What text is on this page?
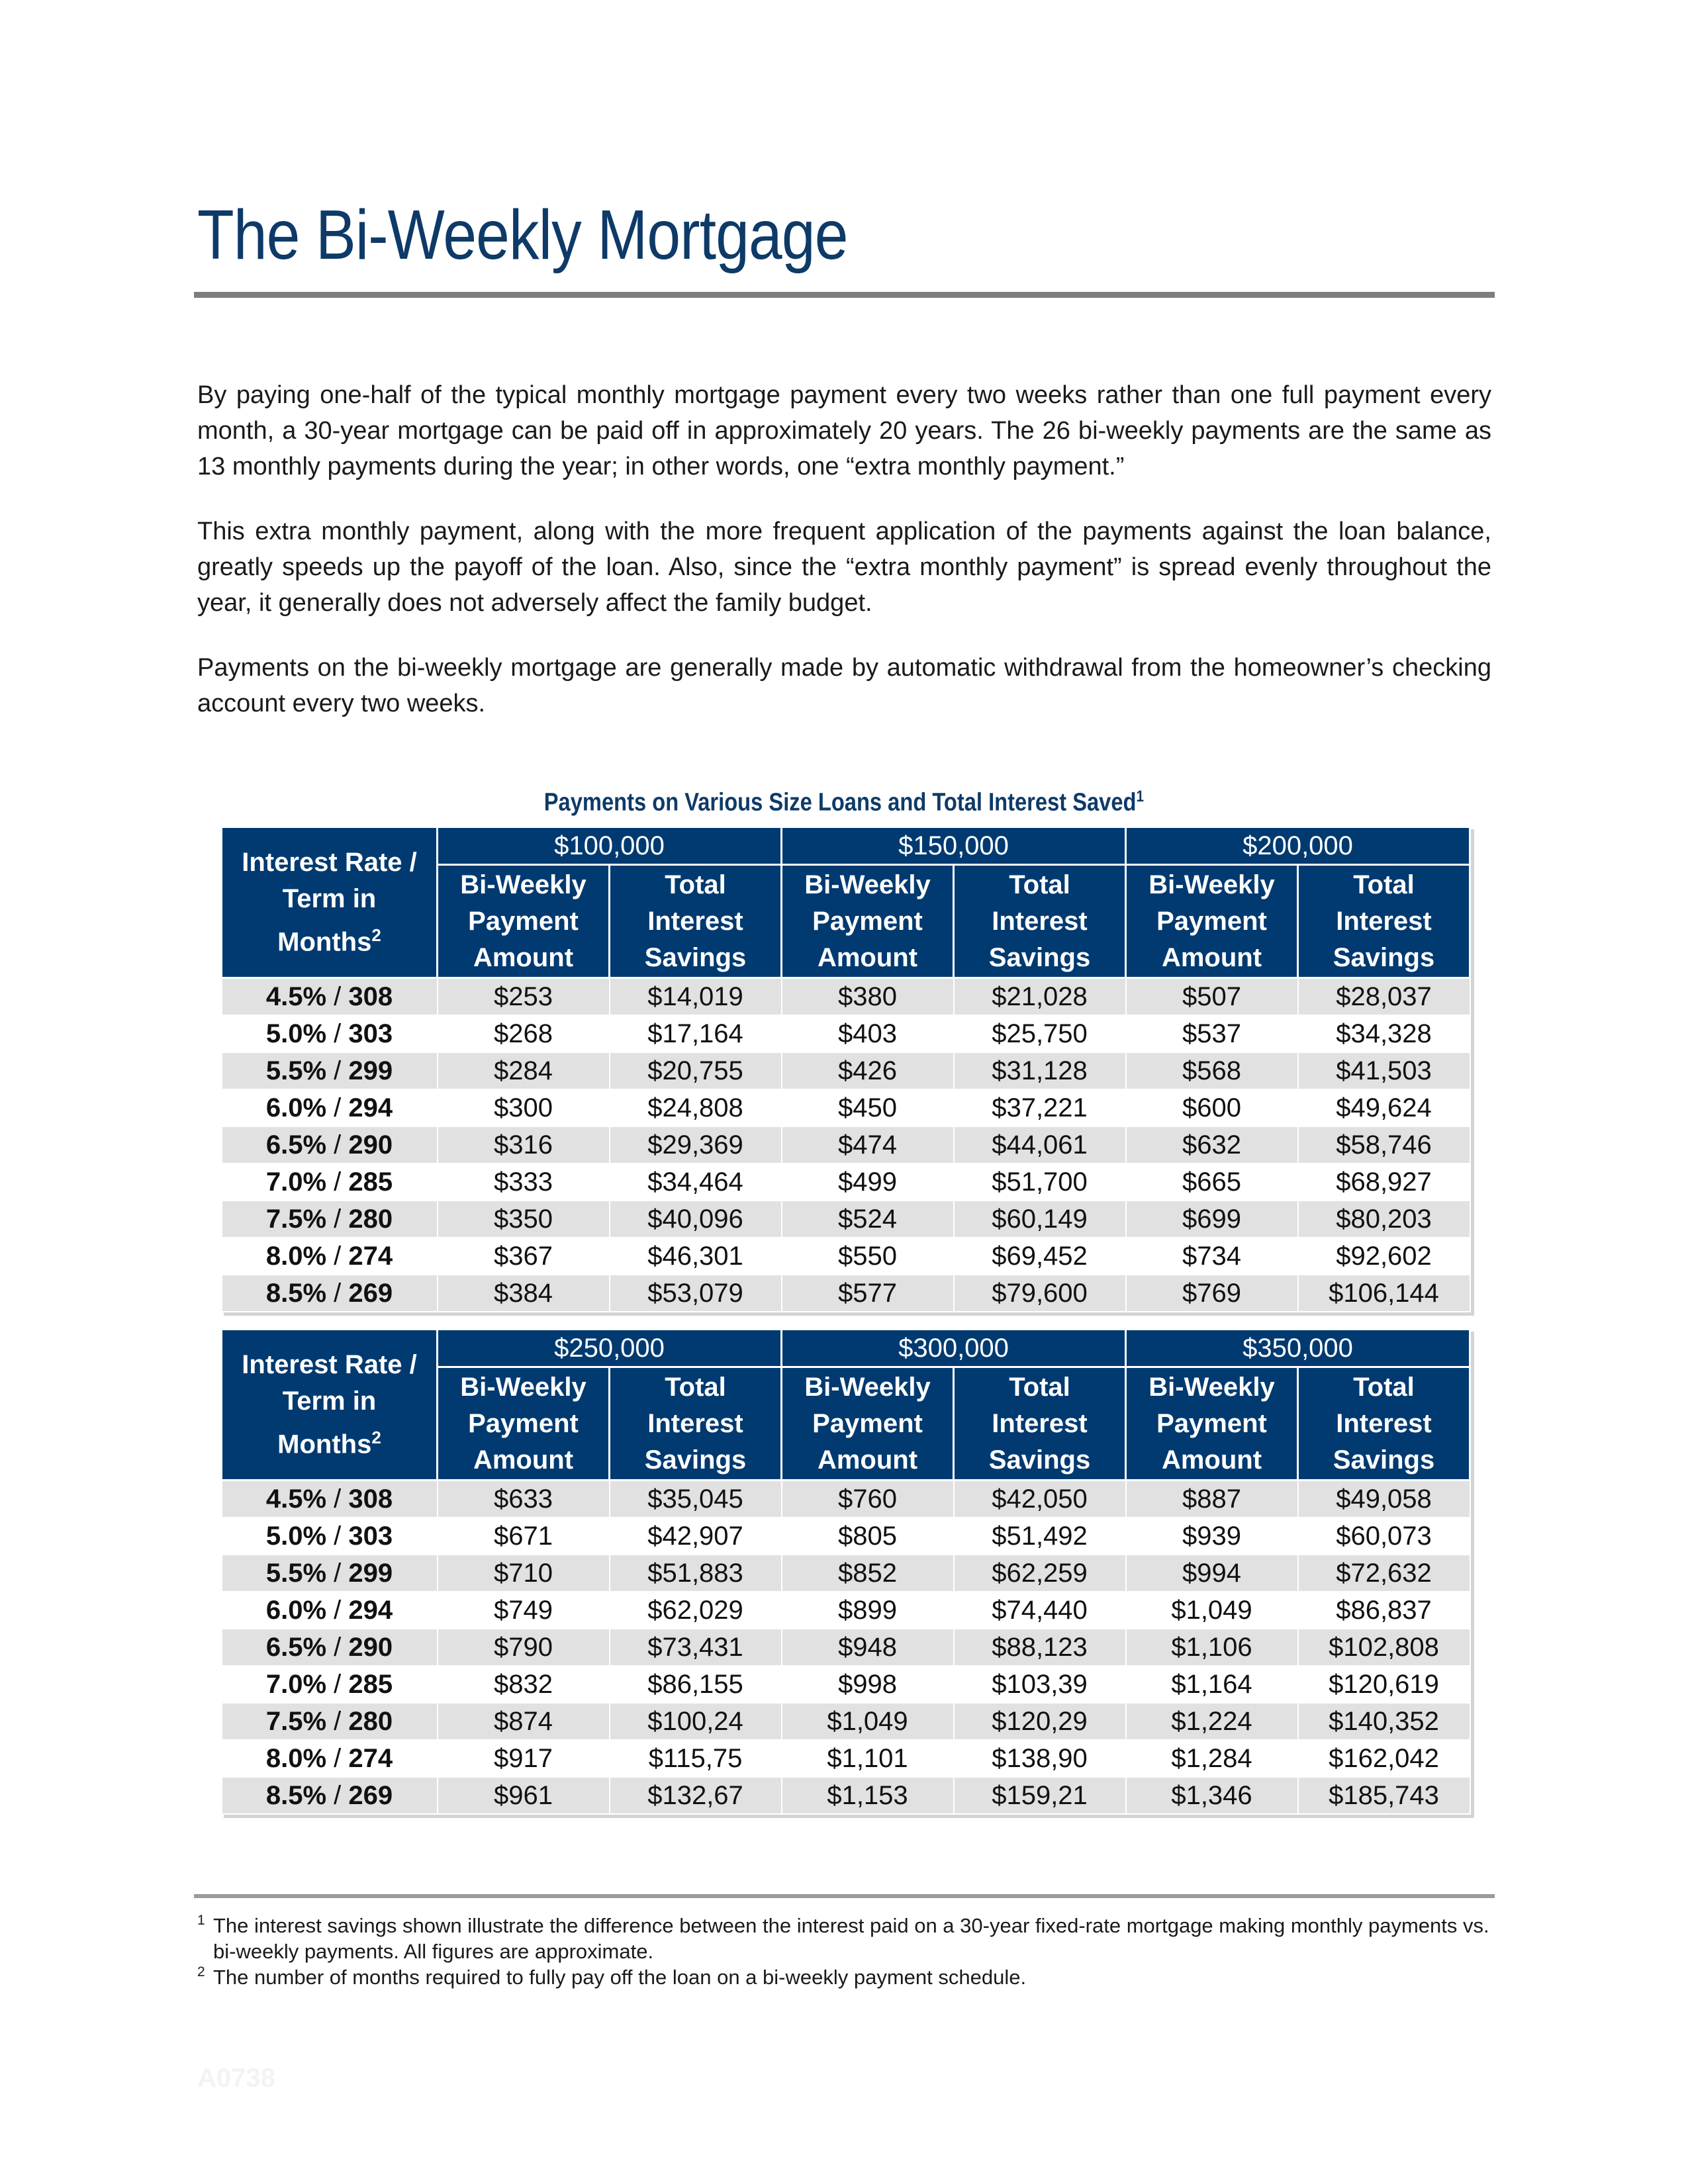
The Bi-Weekly Mortgage

By paying one-half of the typical monthly mortgage payment every two weeks rather than one full payment every month, a 30-year mortgage can be paid off in approximately 20 years. The 26 bi-weekly payments are the same as 13 monthly payments during the year; in other words, one “extra monthly payment.”

This extra monthly payment, along with the more frequent application of the payments against the loan balance, greatly speeds up the payoff of the loan. Also, since the “extra monthly payment” is spread evenly throughout the year, it generally does not adversely affect the family budget.

Payments on the bi-weekly mortgage are generally made by automatic withdrawal from the homeowner’s checking account every two weeks.

Payments on Various Size Loans and Total Interest Saved$^1$
Interest Rate /
Term in
Months$^2$	$100,000		$150,000		$200,000	
	Bi-Weekly
Payment
Amount	Total
Interest
Savings	Bi-Weekly
Payment
Amount	Total
Interest
Savings	Bi-Weekly
Payment
Amount	Total
Interest
Savings
4.5% / 308	$253	$14,019	$380	$21,028	$507	$28,037
5.0% / 303	$268	$17,164	$403	$25,750	$537	$34,328
5.5% / 299	$284	$20,755	$426	$31,128	$568	$41,503
6.0% / 294	$300	$24,808	$450	$37,221	$600	$49,624
6.5% / 290	$316	$29,369	$474	$44,061	$632	$58,746
7.0% / 285	$333	$34,464	$499	$51,700	$665	$68,927
7.5% / 280	$350	$40,096	$524	$60,149	$699	$80,203
8.0% / 274	$367	$46,301	$550	$69,452	$734	$92,602
8.5% / 269	$384	$53,079	$577	$79,600	$769	$106,144
Interest Rate /
Term in
Months$^2$	$250,000		$300,000		$350,000	
	Bi-Weekly
Payment
Amount	Total
Interest
Savings	Bi-Weekly
Payment
Amount	Total
Interest
Savings	Bi-Weekly
Payment
Amount	Total
Interest
Savings
4.5% / 308	$633	$35,045	$760	$42,050	$887	$49,058
5.0% / 303	$671	$42,907	$805	$51,492	$939	$60,073
5.5% / 299	$710	$51,883	$852	$62,259	$994	$72,632
6.0% / 294	$749	$62,029	$899	$74,440	$1,049	$86,837
6.5% / 290	$790	$73,431	$948	$88,123	$1,106	$102,808
7.0% / 285	$832	$86,155	$998	$103,39	$1,164	$120,619
7.5% / 280	$874	$100,24	$1,049	$120,29	$1,224	$140,352
8.0% / 274	$917	$115,75	$1,101	$138,90	$1,284	$162,042
8.5% / 269	$961	$132,67	$1,153	$159,21	$1,346	$185,743

1 The interest savings shown illustrate the difference between the interest paid on a 30-year fixed-rate mortgage making monthly payments vs. bi-weekly payments. All figures are approximate.

2 The number of months required to fully pay off the loan on a bi-weekly payment schedule.

A0738
